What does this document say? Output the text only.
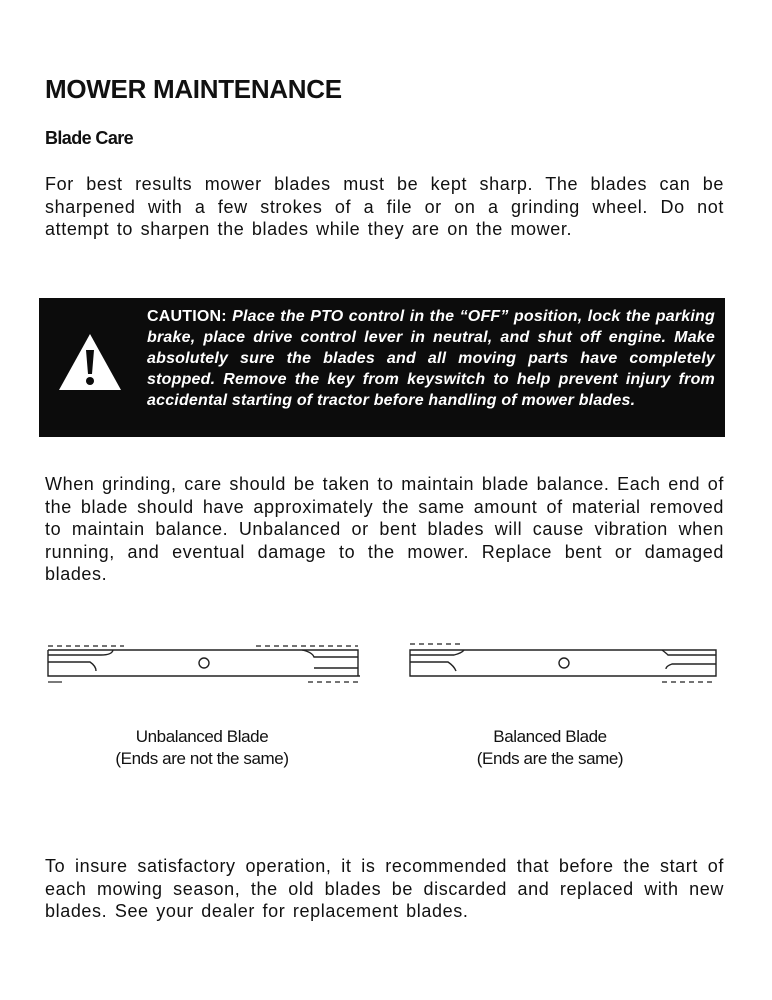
MOWER MAINTENANCE
Blade Care
For best results mower blades must be kept sharp. The blades can be sharpened with a few strokes of a file or on a grinding wheel. Do not attempt to sharpen the blades while they are on the mower.
CAUTION: Place the PTO control in the “OFF” position, lock the parking brake, place drive control lever in neutral, and shut off engine. Make absolutely sure the blades and all moving parts have completely stopped. Remove the key from keyswitch to help prevent injury from accidental starting of tractor before handling of mower blades.
When grinding, care should be taken to maintain blade balance. Each end of the blade should have approximately the same amount of material removed to maintain balance. Unbalanced or bent blades will cause vibration when running, and eventual damage to the mower. Replace bent or damaged blades.
Unbalanced Blade
(Ends are not the same)
Balanced Blade
(Ends are the same)
To insure satisfactory operation, it is recommended that before the start of each mowing season, the old blades be discarded and replaced with new blades. See your dealer for replacement blades.
